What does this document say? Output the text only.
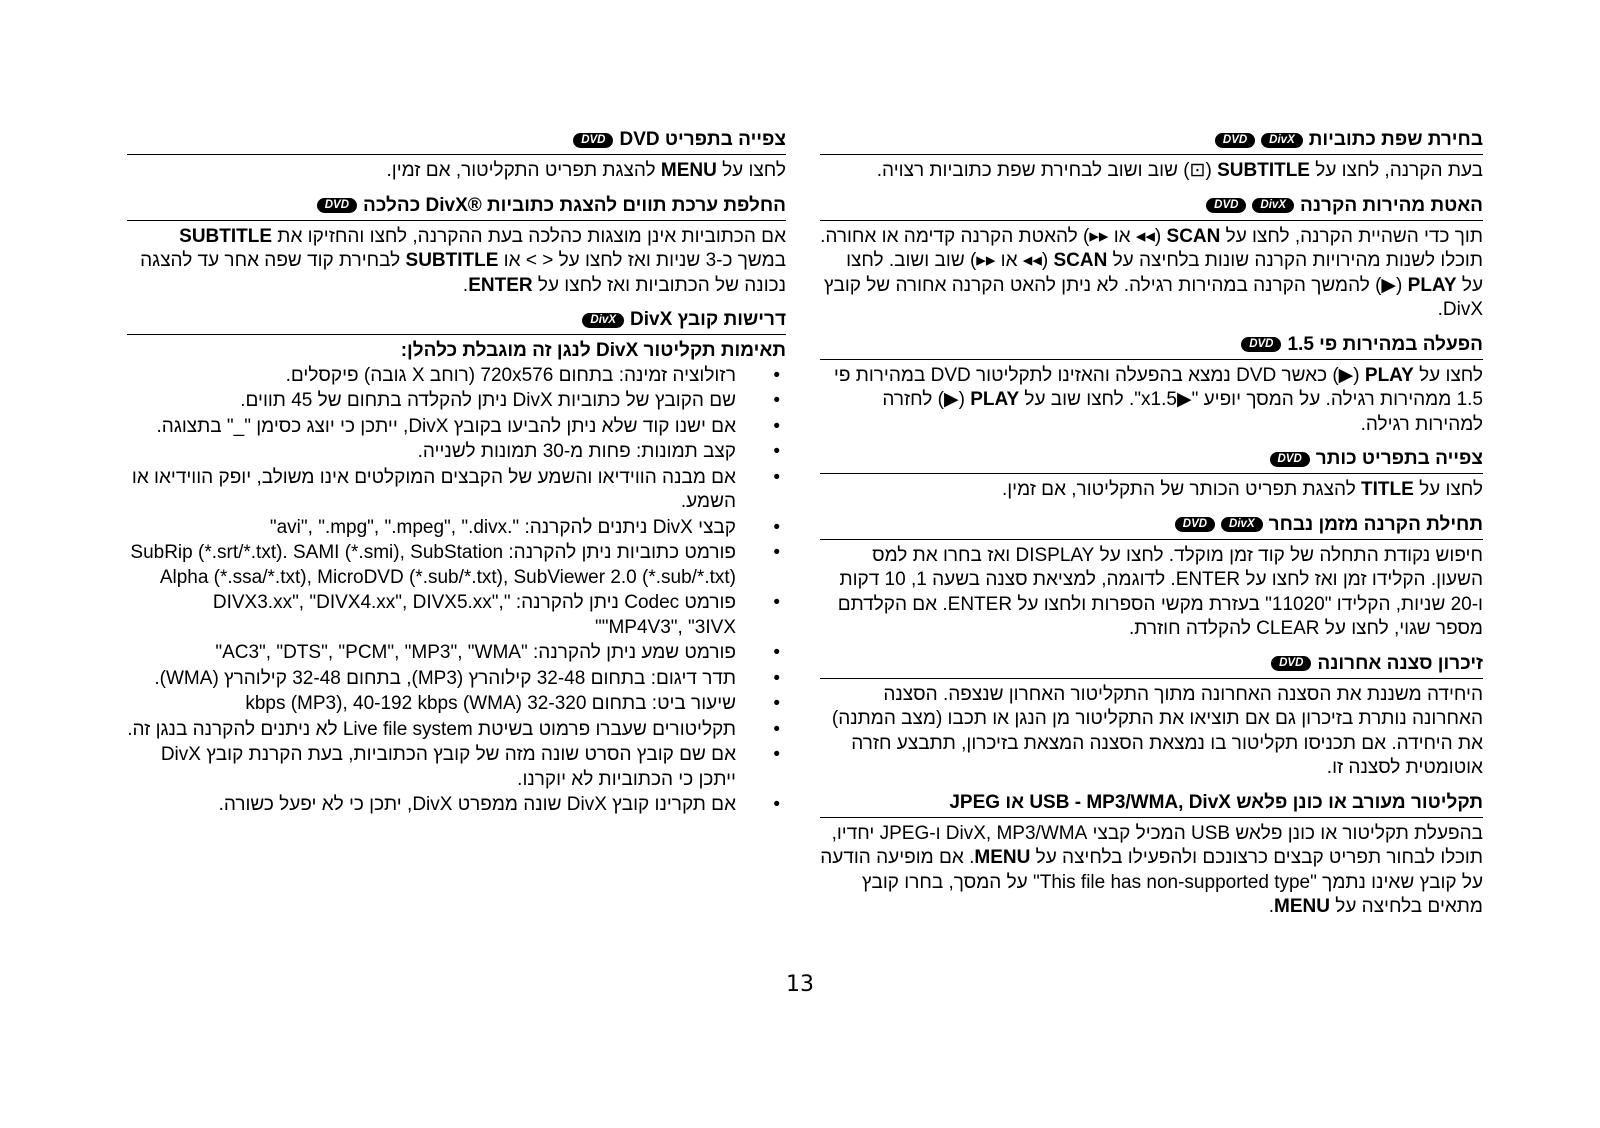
בחירת שפת כתוביות
DivX
DVD

בעת הקרנה, לחצו על SUBTITLE (⊡) שוב ושוב לבחירת שפת כתוביות רצויה.

האטת מהירות הקרנה
DivX
DVD

תוך כדי השהיית הקרנה, לחצו על SCAN (◂◂ או ▸▸) להאטת הקרנה קדימה או אחורה. תוכלו לשנות מהירויות הקרנה שונות בלחיצה על SCAN (◂◂ או ▸▸) שוב ושוב. לחצו על PLAY (▶) להמשך הקרנה במהירות רגילה. לא ניתן להאט הקרנה אחורה של קובץ DivX.

הפעלה במהירות פי 1.5
DVD

לחצו על PLAY (▶) כאשר DVD נמצא בהפעלה והאזינו לתקליטור DVD במהירות פי 1.5 ממהירות רגילה. על המסך יופיע "▶x1.5". לחצו שוב על PLAY (▶) לחזרה למהירות רגילה.

צפייה בתפריט כותר
DVD

לחצו על TITLE להצגת תפריט הכותר של התקליטור, אם זמין.

תחילת הקרנה מזמן נבחר
DivX
DVD

חיפוש נקודת התחלה של קוד זמן מוקלד. לחצו על DISPLAY ואז בחרו את למס השעון. הקלידו זמן ואז לחצו על ENTER. לדוגמה, למציאת סצנה בשעה 1, 10 דקות ו-20 שניות, הקלידו "11020" בעזרת מקשי הספרות ולחצו על ENTER. אם הקלדתם מספר שגוי, לחצו על CLEAR להקלדה חוזרת.

זיכרון סצנה אחרונה
DVD

היחידה משננת את הסצנה האחרונה מתוך התקליטור האחרון שנצפה. הסצנה האחרונה נותרת בזיכרון גם אם תוציאו את התקליטור מן הנגן או תכבו (מצב המתנה) את היחידה. אם תכניסו תקליטור בו נמצאת הסצנה המצאת בזיכרון, תתבצע חזרה אוטומטית לסצנה זו.

תקליטור מעורב או כונן פלאש USB - MP3/WMA, DivX או JPEG

בהפעלת תקליטור או כונן פלאש USB המכיל קבצי DivX, MP3/WMA ו-JPEG יחדיו, תוכלו לבחור תפריט קבצים כרצונכם ולהפעילו בלחיצה על MENU. אם מופיעה הודעה על קובץ שאינו נתמך "This file has non-supported type" על המסך, בחרו קובץ מתאים בלחיצה על MENU.

צפייה בתפריט DVD
DVD

לחצו על MENU להצגת תפריט התקליטור, אם זמין.

החלפת ערכת תווים להצגת כתוביות ®DivX כהלכה
DVD

אם הכתוביות אינן מוצגות כהלכה בעת ההקרנה, לחצו והחזיקו את SUBTITLE במשך כ-3 שניות ואז לחצו על < > או SUBTITLE לבחירת קוד שפה אחר עד להצגה נכונה של הכתוביות ואז לחצו על ENTER.

דרישות קובץ DivX
DivX

תאימות תקליטור DivX לנגן זה מוגבלת כלהלן:

• רזולוציה זמינה: בתחום 720x576 (רוחב X גובה) פיקסלים.
• שם הקובץ של כתוביות DivX ניתן להקלדה בתחום של 45 תווים.
• אם ישנו קוד שלא ניתן להביעו בקובץ DivX, ייתכן כי יוצג כסימן "_" בתצוגה.
• קצב תמונות: פחות מ-30 תמונות לשנייה.
• אם מבנה הווידיאו והשמע של הקבצים המוקלטים אינו משולב, יופק הווידיאו או השמע.
• קבצי DivX ניתנים להקרנה: ".avi", ".mpg", ".mpeg", ".divx"
• פורמט כתוביות ניתן להקרנה: SubRip (*.srt/*.txt). SAMI (*.smi), SubStation Alpha (*.ssa/*.txt), MicroDVD (*.sub/*.txt), SubViewer 2.0 (*.sub/*.txt)
• פורמט Codec ניתן להקרנה: "DIVX3.xx", "DIVX4.xx", DIVX5.xx", "MP4V3", "3IVX"
• פורמט שמע ניתן להקרנה: "AC3", "DTS", "PCM", "MP3", "WMA"
• תדר דיגום: בתחום 32-48 קילוהרץ (MP3), בתחום 32-48 קילוהרץ (WMA).
• שיעור ביט: בתחום 32-320 kbps (MP3), 40-192 kbps (WMA)
• תקליטורים שעברו פרמוט בשיטת Live file system לא ניתנים להקרנה בנגן זה.
• אם שם קובץ הסרט שונה מזה של קובץ הכתוביות, בעת הקרנת קובץ DivX ייתכן כי הכתוביות לא יוקרנו.
• אם תקרינו קובץ DivX שונה ממפרט DivX, יתכן כי לא יפעל כשורה.
13
